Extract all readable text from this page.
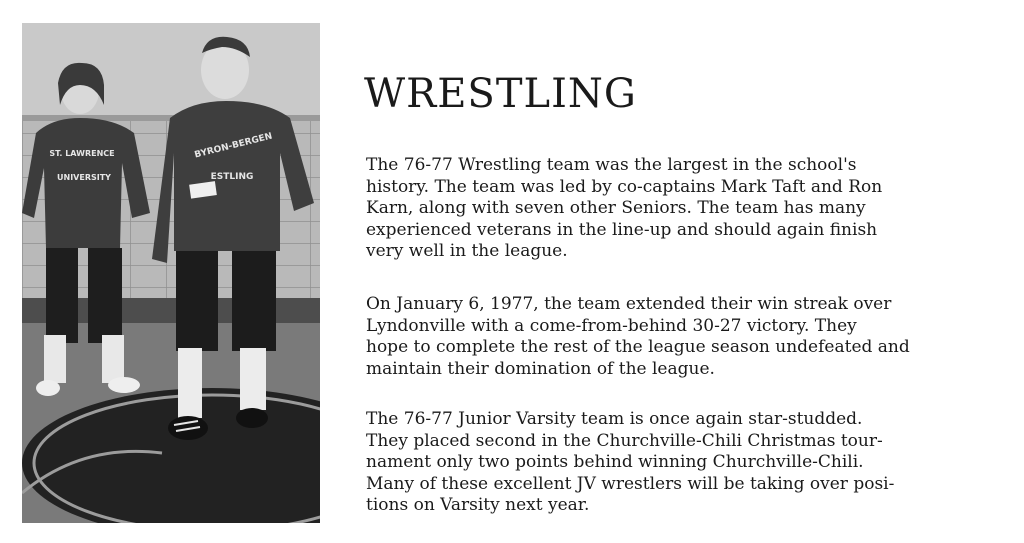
ST. LAWRENCE
UNIVERSITY
BYRON-BERGEN
ESTLING
WRESTLING
The 76-77 Wrestling team was the largest in the school's
history. The team was led by co-captains Mark Taft and Ron
Karn, along with seven other Seniors. The team has many
experienced veterans in the line-up and should again finish
very well in the league.
On January 6, 1977, the team extended their win streak over
Lyndonville with a come-from-behind 30-27 victory. They
hope to complete the rest of the league season undefeated and
maintain their domination of the league.
The 76-77 Junior Varsity team is once again star-studded.
They placed second in the Churchville-Chili Christmas tour-
nament only two points behind winning Churchville-Chili.
Many of these excellent JV wrestlers will be taking over posi-
tions on Varsity next year.
